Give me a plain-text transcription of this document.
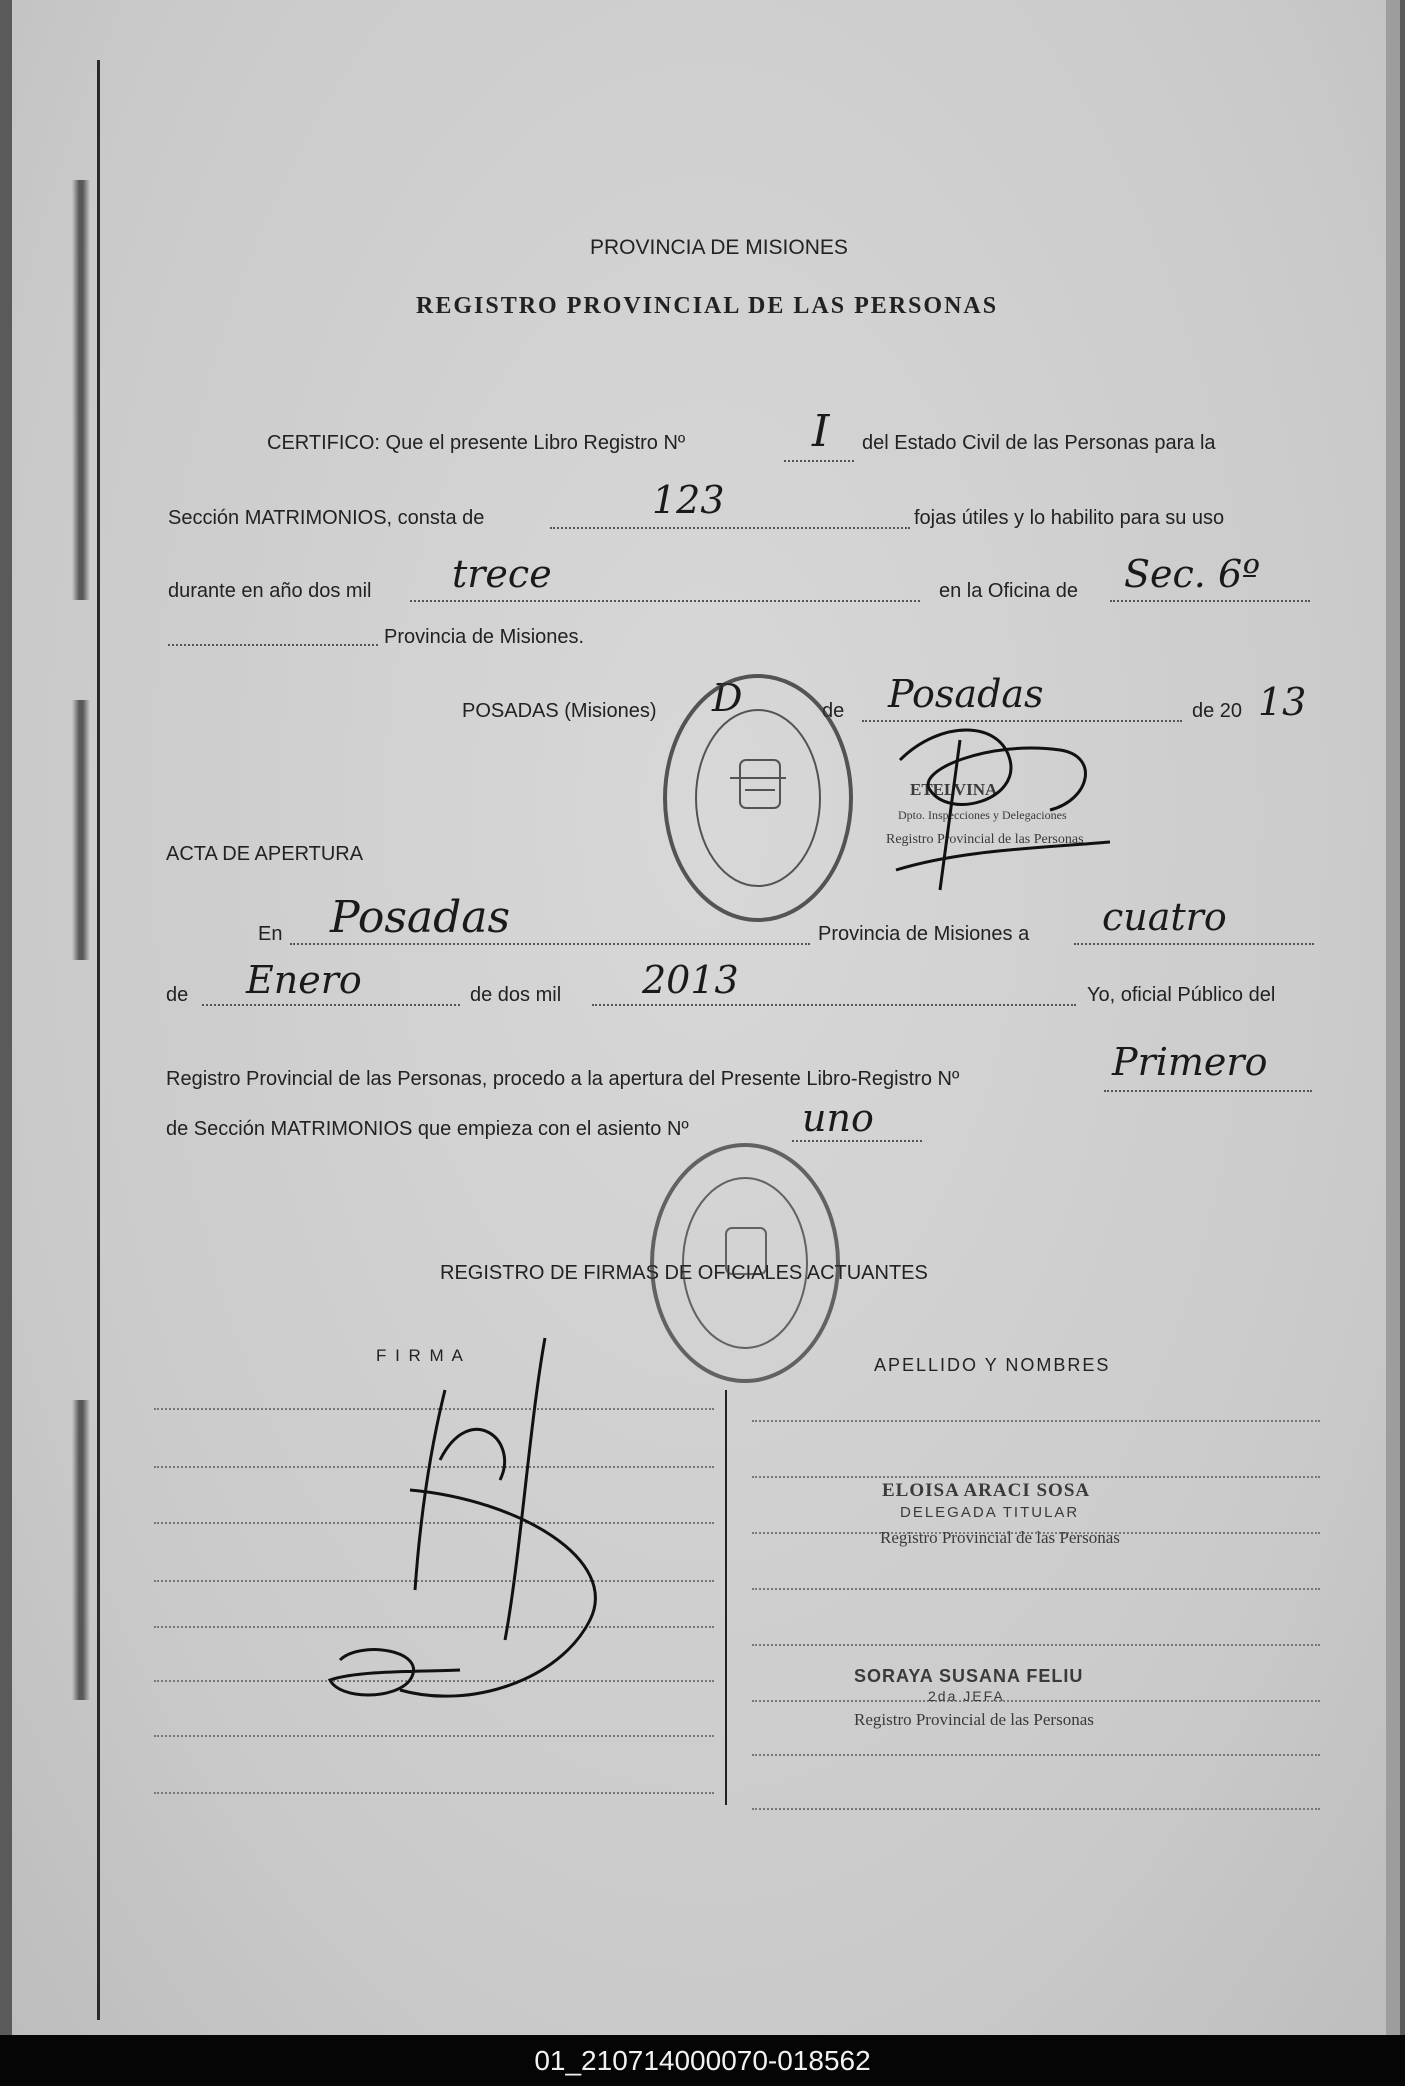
PROVINCIA DE MISIONES
REGISTRO PROVINCIAL DE LAS PERSONAS
CERTIFICO: Que el presente Libro Registro Nº	I del Estado Civil de las Personas para la
Sección MATRIMONIOS, consta de	123	fojas útiles y lo habilito para su uso
durante en año dos mil trece	en la Oficina de Sec. 6º
Provincia de Misiones.
POSADAS (Misiones) D	de Posadas	de 20 13
ACTA DE APERTURA
En Posadas	Provincia de Misiones a cuatro
de Enero	de dos mil 2013	Yo, oficial Público del
Registro Provincial de las Personas, procedo a la apertura del Presente Libro-Registro Nº	Primero
de Sección MATRIMONIOS que empieza con el asiento Nº	uno
REGISTRO DE FIRMAS DE OFICIALES ACTUANTES
F I R M A	APELLIDO Y NOMBRES
ELOISA ARACI SOSA
DELEGADA TITULAR
Registro Provincial de las Personas
SORAYA SUSANA FELIU
2da JEFA
Registro Provincial de las Personas
ETELVINA
Dpto. Inspecciones y Delegaciones
Registro Provincial de las Personas
01_210714000070-018562
